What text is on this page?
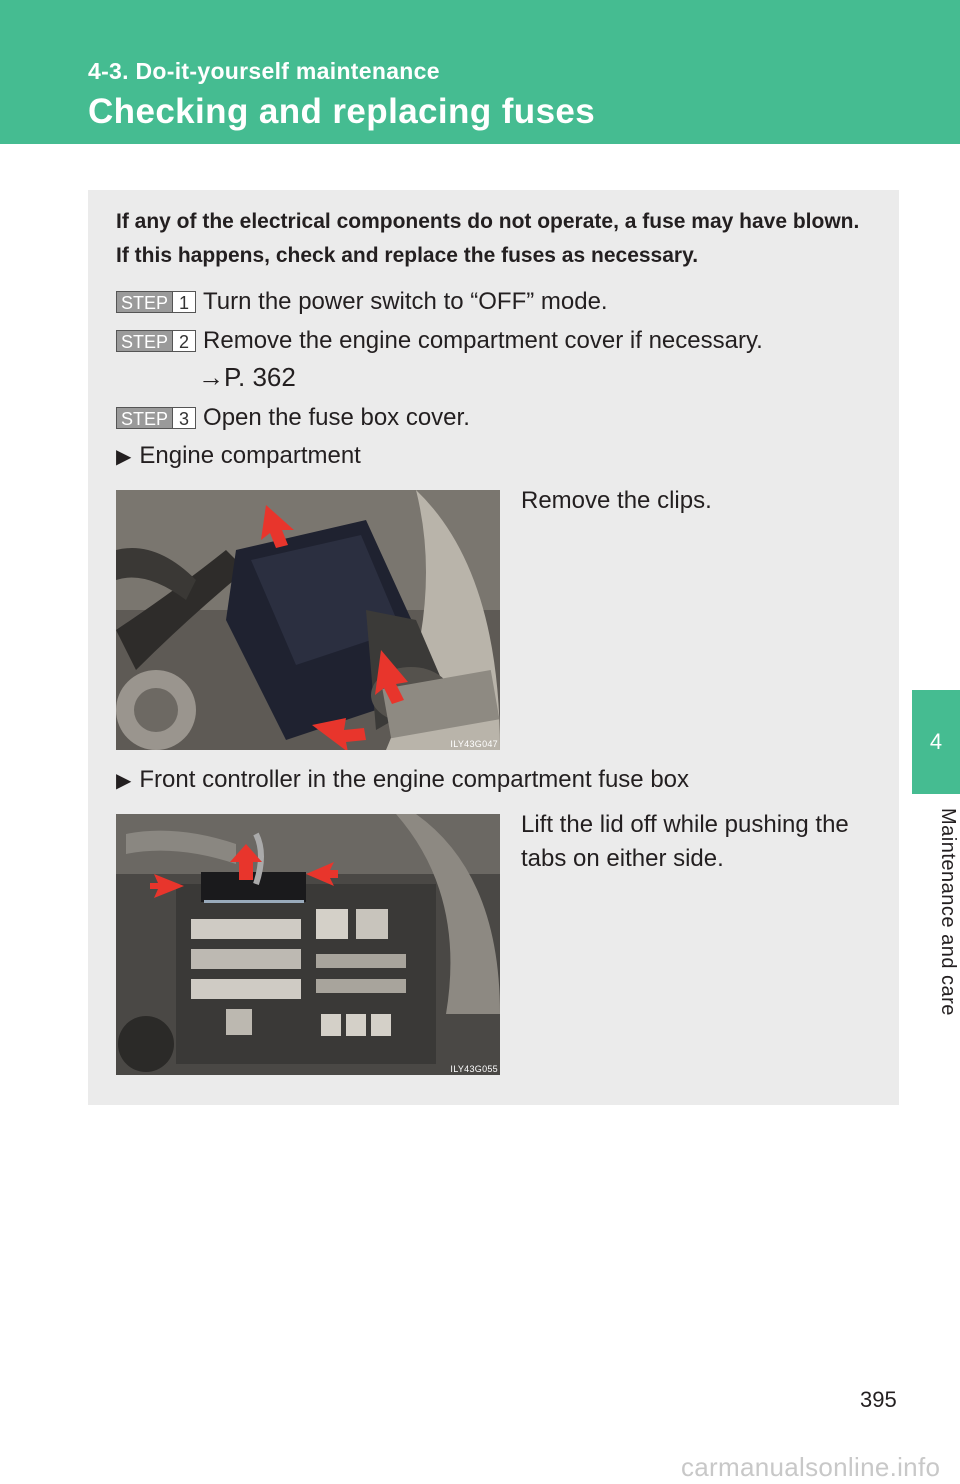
4-3. Do-it-yourself maintenance
Checking and replacing fuses
4
Maintenance and care
If any of the electrical components do not operate, a fuse may have blown.
If this happens, check and replace the fuses as necessary.
STEP 1 Turn the power switch to “OFF” mode.
STEP 2 Remove the engine compartment cover if necessary.
→P. 362
STEP 3 Open the fuse box cover.
▶ Engine compartment
ILY43G047
Remove the clips.
▶ Front controller in the engine compartment fuse box
ILY43G055
Lift the lid off while pushing the tabs on either side.
395
carmanualsonline.info
